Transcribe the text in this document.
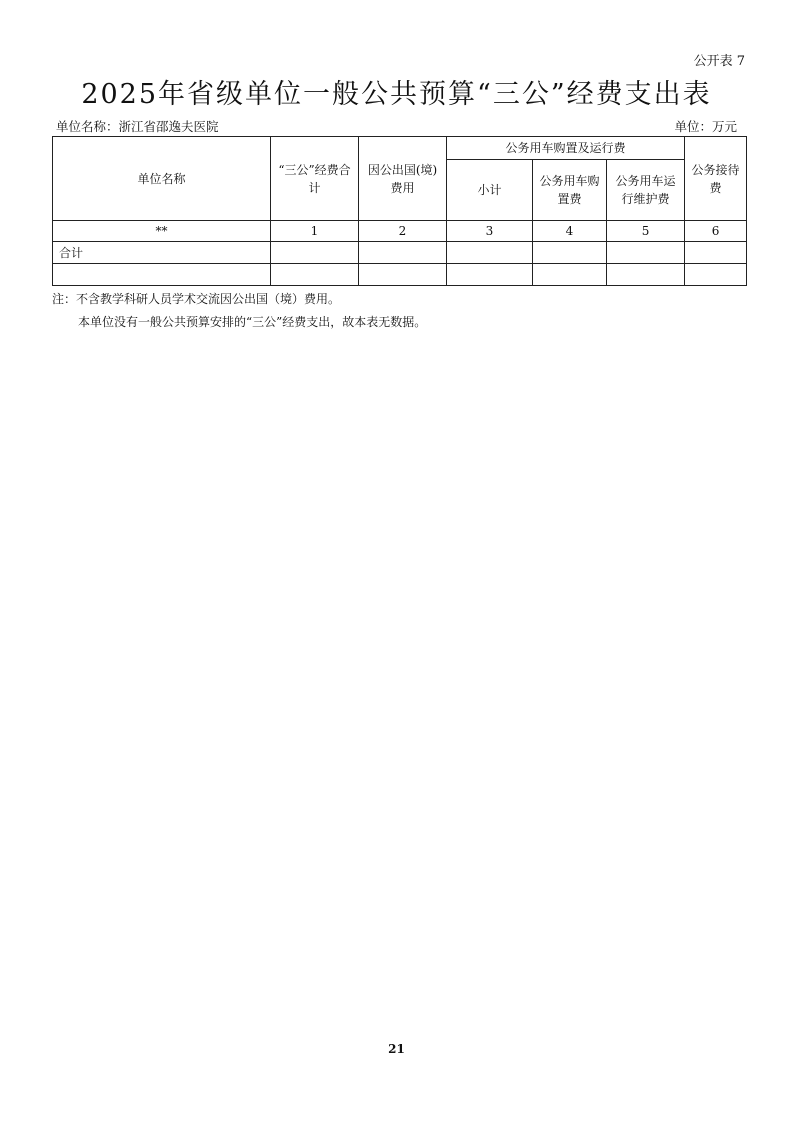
公开表 7
2025年省级单位一般公共预算“三公”经费支出表
单位名称：浙江省邵逸夫医院	单位：万元
单位名称	“三公”经费合计	因公出国(境)费用	公务用车购置及运行费			公务接待费
			小计	公务用车购置费	公务用车运行维护费	
**	1	2	3	4	5	6
合计						

注：不含教学科研人员学术交流因公出国（境）费用。
本单位没有一般公共预算安排的“三公”经费支出，故本表无数据。
21
